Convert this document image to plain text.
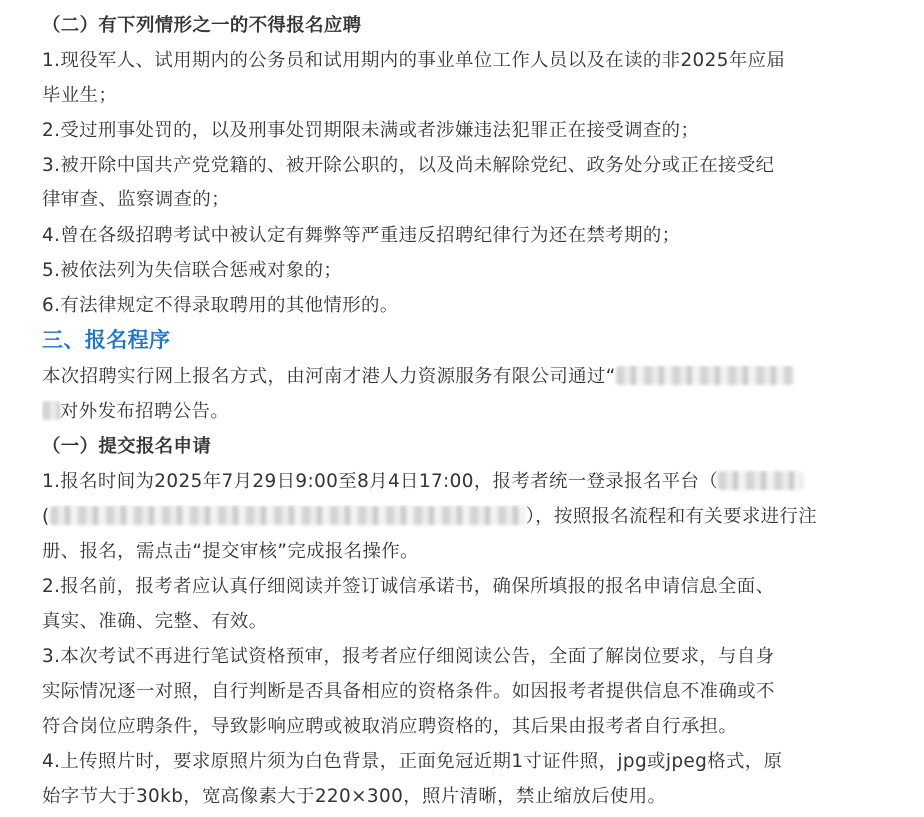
（二）有下列情形之一的不得报名应聘
1.现役军人、试用期内的公务员和试用期内的事业单位工作人员以及在读的非2025年应届
毕业生；
2.受过刑事处罚的，以及刑事处罚期限未满或者涉嫌违法犯罪正在接受调查的；
3.被开除中国共产党党籍的、被开除公职的，以及尚未解除党纪、政务处分或正在接受纪
律审查、监察调查的；
4.曾在各级招聘考试中被认定有舞弊等严重违反招聘纪律行为还在禁考期的；
5.被依法列为失信联合惩戒对象的；
6.有法律规定不得录取聘用的其他情形的。
三、报名程序
本次招聘实行网上报名方式，由河南才港人力资源服务有限公司通过“
对外发布招聘公告。
（一）提交报名申请
1.报名时间为2025年7月29日9:00至8月4日17:00，报考者统一登录报名平台（
(	），按照报名流程和有关要求进行注
册、报名，需点击“提交审核”完成报名操作。
2.报名前，报考者应认真仔细阅读并签订诚信承诺书，确保所填报的报名申请信息全面、
真实、准确、完整、有效。
3.本次考试不再进行笔试资格预审，报考者应仔细阅读公告，全面了解岗位要求，与自身
实际情况逐一对照，自行判断是否具备相应的资格条件。如因报考者提供信息不准确或不
符合岗位应聘条件，导致影响应聘或被取消应聘资格的，其后果由报考者自行承担。
4.上传照片时，要求原照片须为白色背景，正面免冠近期1寸证件照，jpg或jpeg格式，原
始字节大于30kb，宽高像素大于220×300，照片清晰，禁止缩放后使用。
